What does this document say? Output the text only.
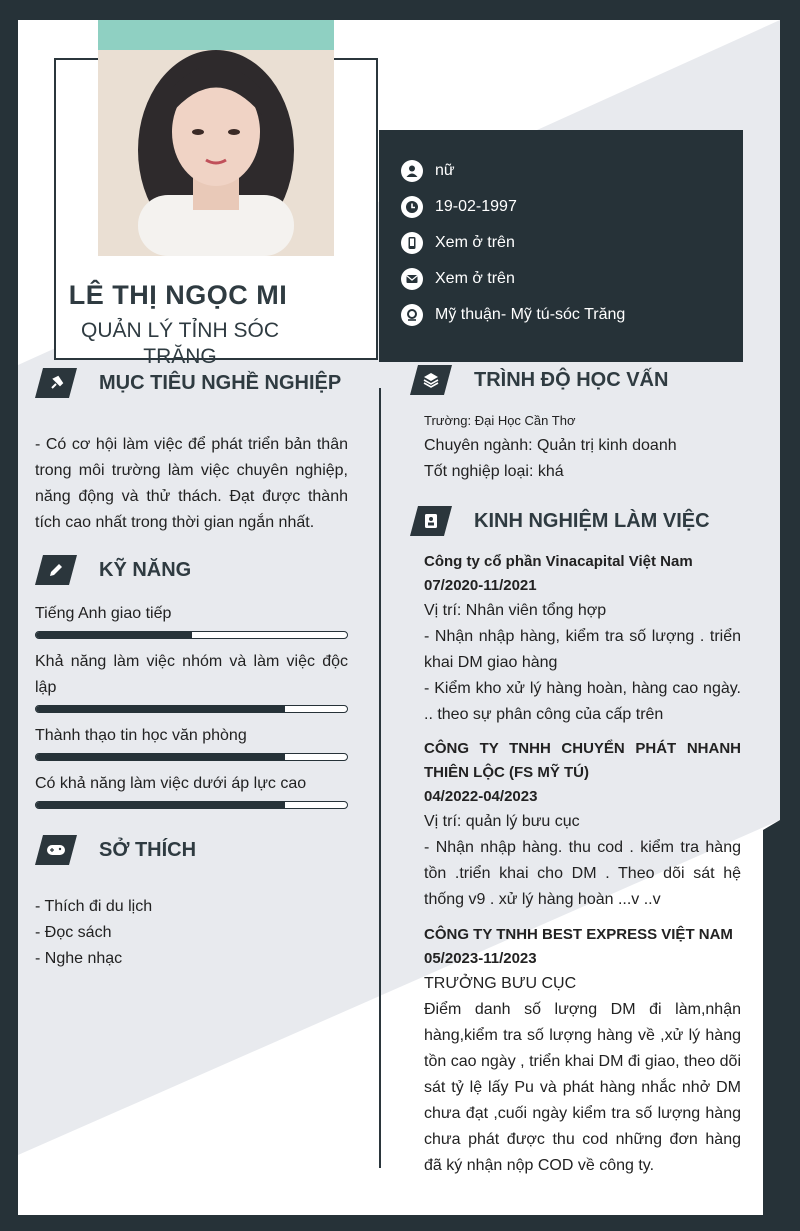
LÊ THỊ NGỌC MI
QUẢN LÝ TỈNH SÓC TRĂNG
nữ
19-02-1997
Xem ở trên
Xem ở trên
Mỹ thuận- Mỹ tú-sóc Trăng
MỤC TIÊU NGHỀ NGHIỆP
- Có cơ hội làm việc để phát triển bản thân trong môi trường làm việc chuyên nghiệp, năng động và thử thách. Đạt được thành tích cao nhất trong thời gian ngắn nhất.
KỸ NĂNG
Tiếng Anh giao tiếp
Khả năng làm việc nhóm và làm việc độc lập
Thành thạo tin học văn phòng
Có khả năng làm việc dưới áp lực cao
SỞ THÍCH
- Thích đi du lịch
- Đọc sách
- Nghe nhạc
TRÌNH ĐỘ HỌC VẤN
Trường: Đại Học Cần Thơ
Chuyên ngành: Quản trị kinh doanh
Tốt nghiệp loại: khá
KINH NGHIỆM LÀM VIỆC
Công ty cổ phần Vinacapital Việt Nam
07/2020-11/2021
Vị trí: Nhân viên tổng hợp
- Nhận nhập hàng, kiểm tra số lượng . triển khai DM giao hàng
- Kiểm kho xử lý hàng hoàn, hàng cao ngày. .. theo sự phân công của cấp trên
CÔNG TY TNHH CHUYỂN PHÁT NHANH THIÊN LỘC (FS MỸ TÚ)
04/2022-04/2023
Vị trí: quản lý bưu cục
- Nhận nhập hàng. thu cod . kiểm tra hàng tồn .triển khai cho DM . Theo dõi sát hệ thống v9 . xử lý hàng hoàn ...v ..v
CÔNG TY TNHH BEST EXPRESS VIỆT NAM
05/2023-11/2023
TRƯỞNG BƯU CỤC
Điểm danh số lượng DM đi làm,nhận hàng,kiểm tra số lượng hàng về ,xử lý hàng tồn cao ngày , triển khai DM đi giao, theo dõi sát tỷ lệ lấy Pu và phát hàng nhắc nhở DM chưa đạt ,cuối ngày kiểm tra số lượng hàng chưa phát được thu cod những đơn hàng đã ký nhận nộp COD về công ty.
